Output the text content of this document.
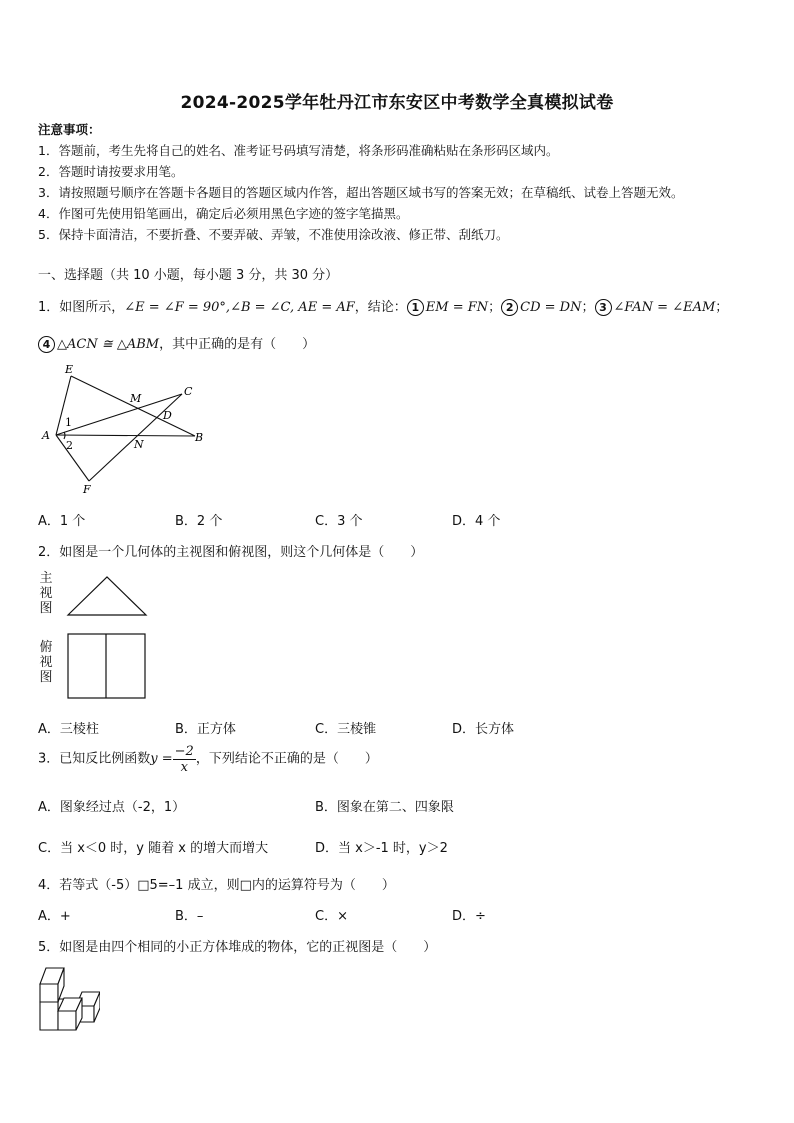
2024-2025学年牡丹江市东安区中考数学全真模拟试卷
注意事项：
1．答题前，考生先将自己的姓名、准考证号码填写清楚，将条形码准确粘贴在条形码区域内。
2．答题时请按要求用笔。
3．请按照题号顺序在答题卡各题目的答题区域内作答，超出答题区域书写的答案无效；在草稿纸、试卷上答题无效。
4．作图可先使用铅笔画出，确定后必须用黑色字迹的签字笔描黑。
5．保持卡面清洁，不要折叠、不要弄破、弄皱，不准使用涂改液、修正带、刮纸刀。
一、选择题（共 10 小题，每小题 3 分，共 30 分）
1．如图所示，∠E = ∠F = 90°,∠B = ∠C, AE = AF，结论： 1 EM = FN； 2 CD = DN； 3 ∠FAN = ∠EAM；
4 △ACN ≅ △ABM，其中正确的是有（　　）
E
M
C
D
1
A	B
2	N
F
A．1 个	B．2 个	C．3 个	D．4 个
2．如图是一个几何体的主视图和俯视图，则这个几何体是（　　）
主视图
俯视图
A．三棱柱	B．正方体	C．三棱锥	D．长方体
3．已知反比例函数$y = \frac{-2}{x}$ ，下列结论不正确的是（　　）
A．图象经过点（-2，1）	B．图象在第二、四象限
C．当 x＜0 时，y 随着 x 的增大而增大	D．当 x＞-1 时，y＞2
4．若等式（-5）□5=–1 成立，则□内的运算符号为（　　）
A．+	B．–	C．×	D．÷
5．如图是由四个相同的小正方体堆成的物体，它的正视图是（　　）
